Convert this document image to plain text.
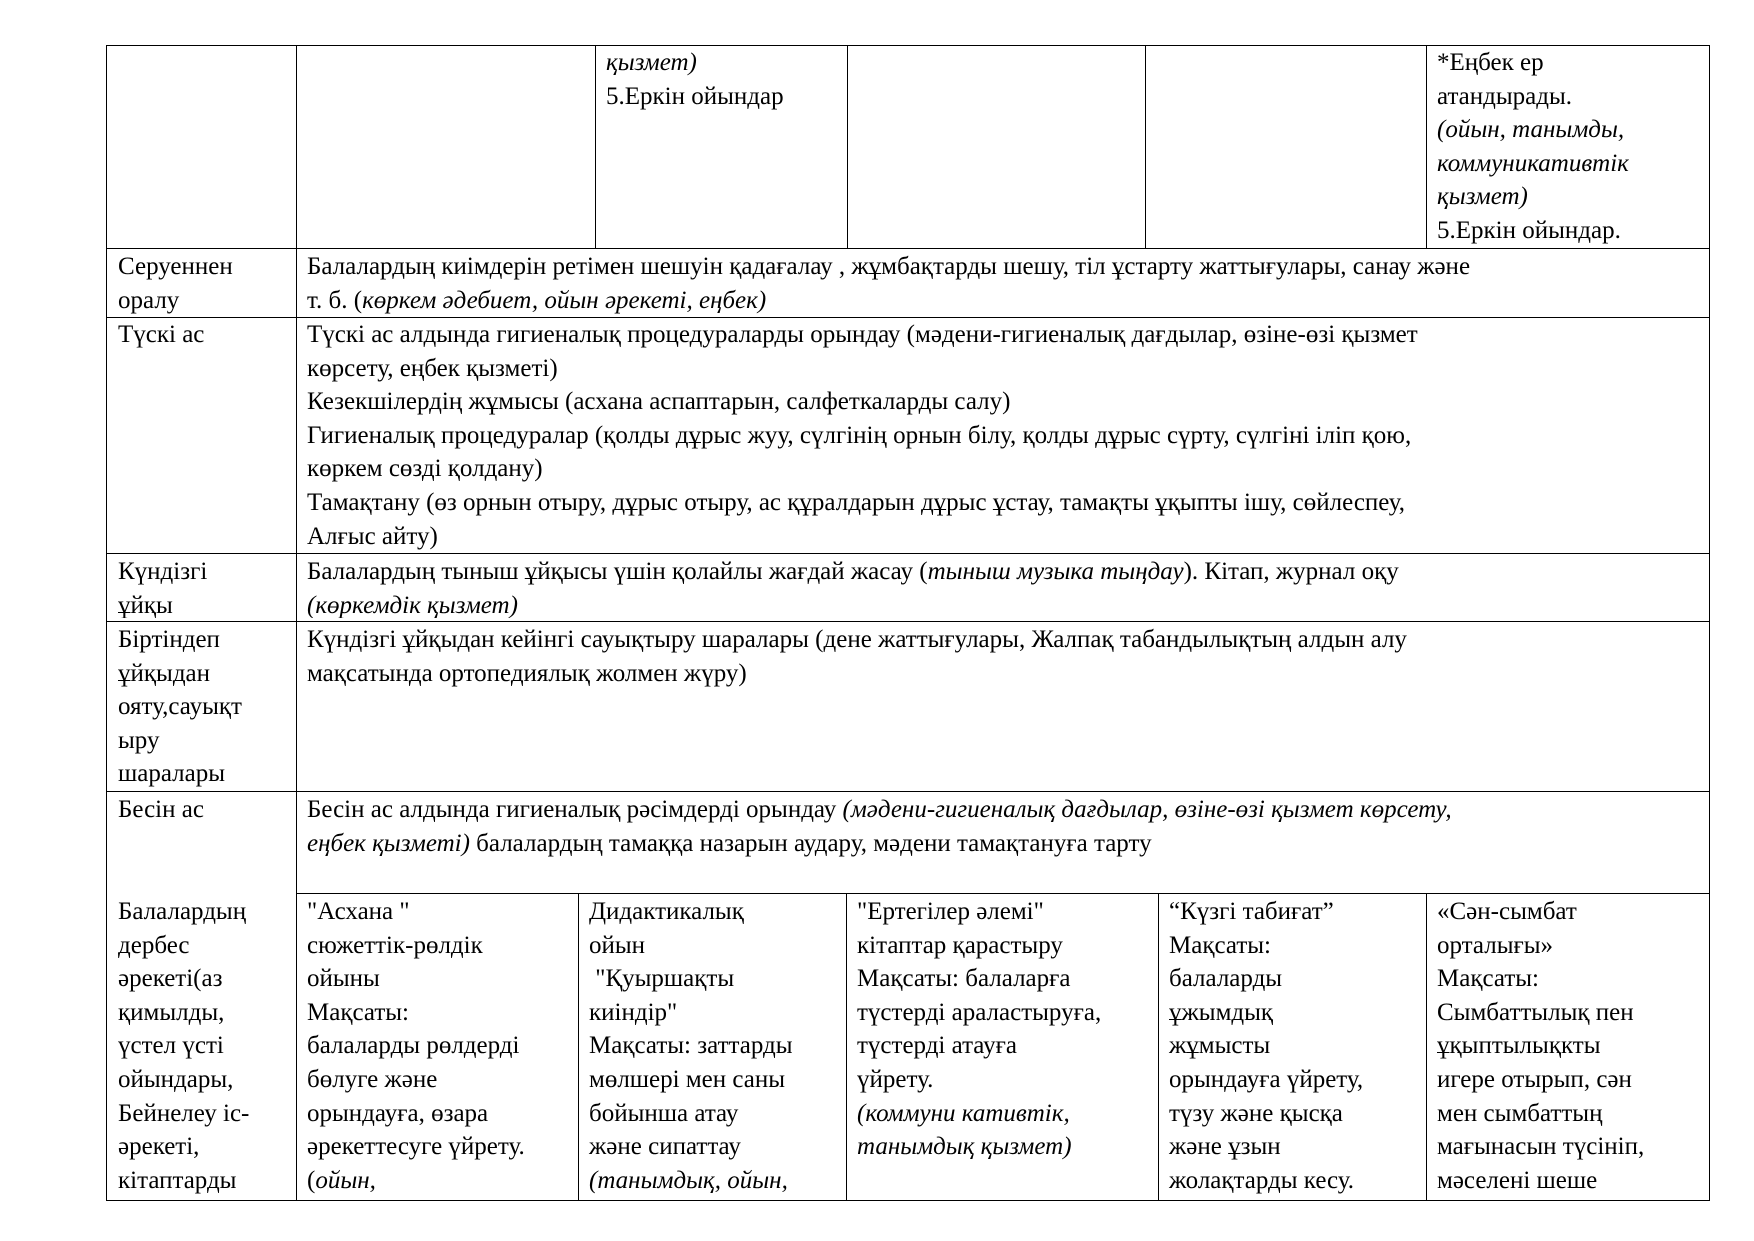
қызмет)
5.Еркін ойындар
*Еңбек ер
атандырады.
(ойын, танымды,
коммуникативтік
қызмет)
5.Еркін ойындар.
Серуеннен
оралу
Балалардың киімдерін ретімен шешуін қадағалау , жұмбақтарды шешу, тіл ұстарту жаттығулары, санау және
т. б. (көркем әдебиет, ойын әрекеті, еңбек)
Түскі ас	Түскі ас алдында гигиеналық процедураларды орындау (мәдени-гигиеналық дағдылар, өзіне-өзі қызмет
көрсету, еңбек қызметі)
Кезекшілердің жұмысы (асхана аспаптарын, салфеткаларды салу)
Гигиеналық процедуралар (қолды дұрыс жуу, сүлгінің орнын білу, қолды дұрыс сүрту, сүлгіні іліп қою,
көркем сөзді қолдану)
Тамақтану (өз орнын отыру, дұрыс отыру, ас құралдарын дұрыс ұстау, тамақты ұқыпты ішу, сөйлеспеу,
Алғыс айту)
Күндізгі
ұйқы
Балалардың тыныш ұйқысы үшін қолайлы жағдай жасау (тыныш музыка тыңдау). Кітап, журнал оқу
(көркемдік қызмет)
Біртіндеп
ұйқыдан
ояту,сауықт
ыру
шаралары
Күндізгі ұйқыдан кейінгі сауықтыру шаралары (дене жаттығулары, Жалпақ табандылықтың алдын алу
мақсатында ортопедиялық жолмен жүру)
Бесін ас	Бесін ас алдында гигиеналық рәсімдерді орындау (мәдени-гигиеналық дағдылар, өзіне-өзі қызмет көрсету,
еңбек қызметі) балалардың тамаққа назарын аудару, мәдени тамақтануға тарту
Балалардың
дербес
әрекеті(аз
қимылды,
үстел үсті
ойындары,
Бейнелеу іс-
әрекеті,
кітаптарды
"Асхана "
сюжеттік-рөлдік
ойыны
Мақсаты:
балаларды рөлдерді
бөлуге және
орындауға, өзара
әрекеттесуге үйрету.
(ойын,
Дидактикалық
ойын
"Қуыршақты
киіндір"
Мақсаты: заттарды
мөлшері мен саны
бойынша атау
және сипаттау
(танымдық, ойын,
"Ертегілер әлемі"
кітаптар қарастыру
Мақсаты: балаларға
түстерді араластыруға,
түстерді атауға
үйрету.
(коммуни кативтік,
танымдық қызмет)
“Күзгі табиғат”
Мақсаты:
балаларды
ұжымдық
жұмысты
орындауға үйрету,
түзу және қысқа
және ұзын
жолақтарды кесу.
«Сән-сымбат
орталығы»
Мақсаты:
Сымбаттылық пен
ұқыптылықкты
игере отырып, сән
мен сымбаттың
мағынасын түсініп,
мәселені шеше
